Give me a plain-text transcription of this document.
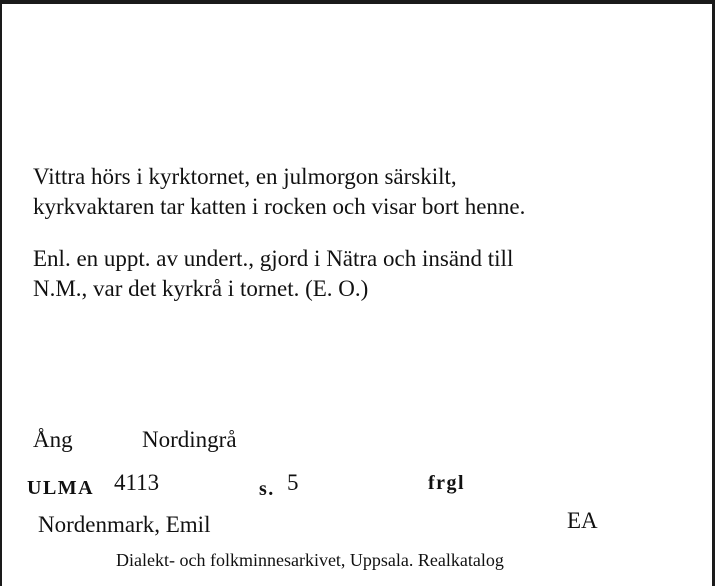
Vittra hörs i kyrktornet, en julmorgon särskilt,
kyrkvaktaren tar katten i rocken och visar bort henne.
Enl. en uppt. av undert., gjord i Nätra och insänd till
N.M., var det kyrkrå i tornet. (E. O.)
Ång	Nordingrå
ULMA 4113	s. 5	frgl
Nordenmark, Emil	EA
Dialekt- och folkminnesarkivet, Uppsala. Realkatalog
